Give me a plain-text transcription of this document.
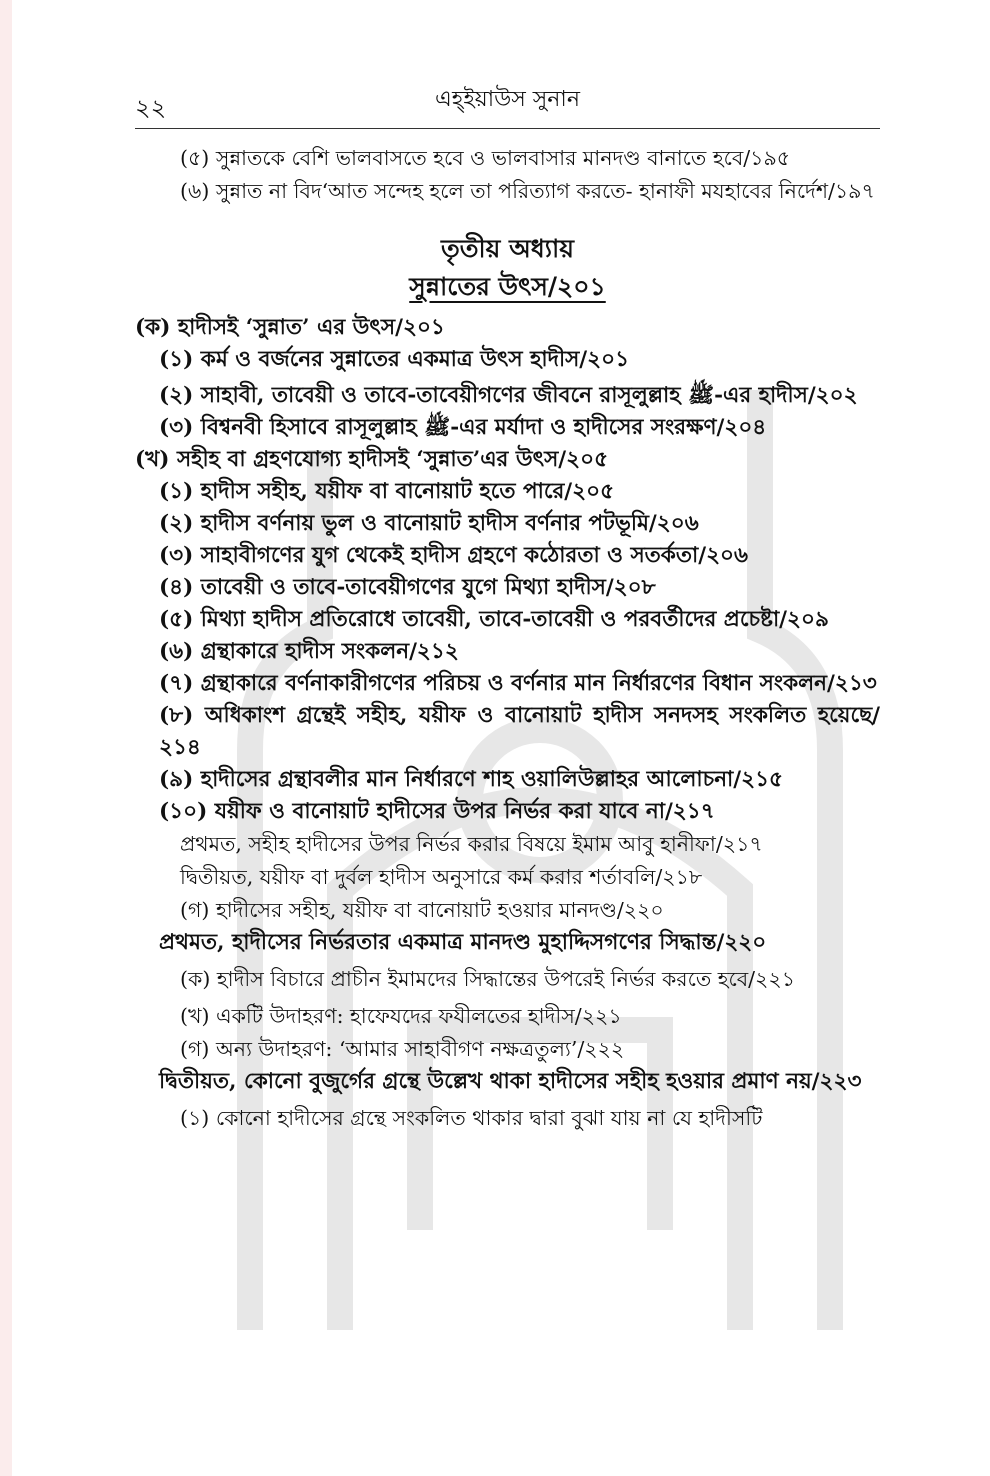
২২	এহ্ইয়াউস সুনান

(৫) সুন্নাতকে বেশি ভালবাসতে হবে ও ভালবাসার মানদণ্ড বানাতে হবে/১৯৫

(৬) সুন্নাত না বিদ‘আত সন্দেহ হলে তা পরিত্যাগ করতে- হানাফী মযহাবের নির্দেশ/১৯৭

তৃতীয় অধ্যায়
সুন্নাতের উৎস/২০১

(ক) হাদীসই ‘সুন্নাত’ এর উৎস/২০১

(১) কর্ম ও বর্জনের সুন্নাতের একমাত্র উৎস হাদীস/২০১

(২) সাহাবী, তাবেয়ী ও তাবে-তাবেয়ীগণের জীবনে রাসূলুল্লাহ ﷺ-এর হাদীস/২০২

(৩) বিশ্বনবী হিসাবে রাসূলুল্লাহ ﷺ-এর মর্যাদা ও হাদীসের সংরক্ষণ/২০৪

(খ) সহীহ বা গ্রহণযোগ্য হাদীসই ‘সুন্নাত’এর উৎস/২০৫

(১) হাদীস সহীহ, যয়ীফ বা বানোয়াট হতে পারে/২০৫

(২) হাদীস বর্ণনায় ভুল ও বানোয়াট হাদীস বর্ণনার পটভূমি/২০৬

(৩) সাহাবীগণের যুগ থেকেই হাদীস গ্রহণে কঠোরতা ও সতর্কতা/২০৬

(৪) তাবেয়ী ও তাবে-তাবেয়ীগণের যুগে মিথ্যা হাদীস/২০৮

(৫) মিথ্যা হাদীস প্রতিরোধে তাবেয়ী, তাবে-তাবেয়ী ও পরবর্তীদের প্রচেষ্টা/২০৯

(৬) গ্রন্থাকারে হাদীস সংকলন/২১২

(৭) গ্রন্থাকারে বর্ণনাকারীগণের পরিচয় ও বর্ণনার মান নির্ধারণের বিধান সংকলন/২১৩

(৮) অধিকাংশ গ্রন্থেই সহীহ, যয়ীফ ও বানোয়াট হাদীস সনদসহ সংকলিত হয়েছে/২১৪

(৯) হাদীসের গ্রন্থাবলীর মান নির্ধারণে শাহ ওয়ালিউল্লাহর আলোচনা/২১৫

(১০) যয়ীফ ও বানোয়াট হাদীসের উপর নির্ভর করা যাবে না/২১৭

প্রথমত, সহীহ হাদীসের উপর নির্ভর করার বিষয়ে ইমাম আবু হানীফা/২১৭

দ্বিতীয়ত, যয়ীফ বা দুর্বল হাদীস অনুসারে কর্ম করার শর্তাবলি/২১৮

(গ) হাদীসের সহীহ, যয়ীফ বা বানোয়াট হওয়ার মানদণ্ড/২২০

প্রথমত, হাদীসের নির্ভরতার একমাত্র মানদণ্ড মুহাদ্দিসগণের সিদ্ধান্ত/২২০

(ক) হাদীস বিচারে প্রাচীন ইমামদের সিদ্ধান্তের উপরেই নির্ভর করতে হবে/২২১

(খ) একটি উদাহরণ: হাফেযদের ফযীলতের হাদীস/২২১

(গ) অন্য উদাহরণ: ‘আমার সাহাবীগণ নক্ষত্রতুল্য’/২২২

দ্বিতীয়ত, কোনো বুজুর্গের গ্রন্থে উল্লেখ থাকা হাদীসের সহীহ হওয়ার প্রমাণ নয়/২২৩

(১) কোনো হাদীসের গ্রন্থে সংকলিত থাকার দ্বারা বুঝা যায় না যে হাদীসটি
